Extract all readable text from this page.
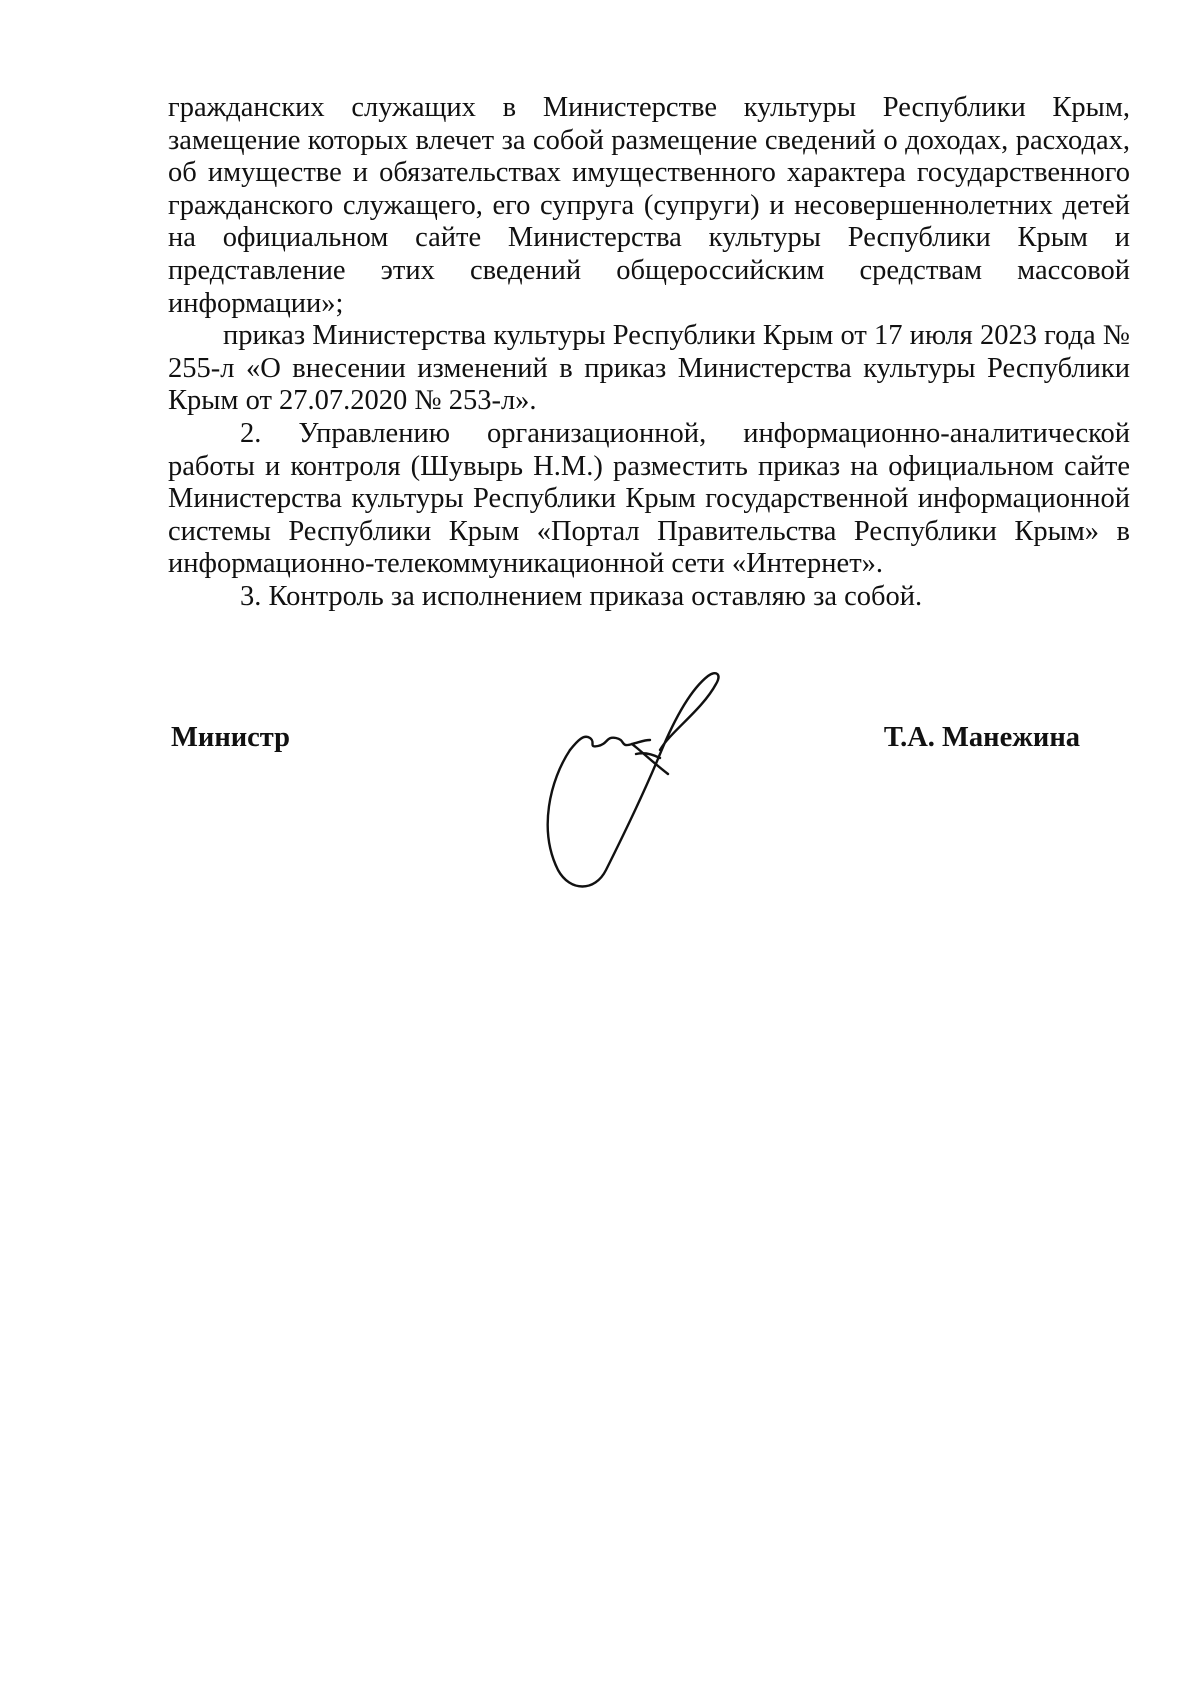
гражданских служащих в Министерстве культуры Республики Крым, замещение которых влечет за собой размещение сведений о доходах, расходах, об имуществе и обязательствах имущественного характера государственного гражданского служащего, его супруга (супруги) и несовершеннолетних детей на официальном сайте Министерства культуры Республики Крым и представление этих сведений общероссийским средствам массовой информации»;

приказ Министерства культуры Республики Крым от 17 июля 2023 года № 255-л «О внесении изменений в приказ Министерства культуры Республики Крым от 27.07.2020 № 253-л».

2. Управлению организационной, информационно-аналитической работы и контроля (Шувырь Н.М.) разместить приказ на официальном сайте Министерства культуры Республики Крым государственной информационной системы Республики Крым «Портал Правительства Республики Крым» в информационно-телекоммуникационной сети «Интернет».

3. Контроль за исполнением приказа оставляю за собой.

Министр	Т.А. Манежина
